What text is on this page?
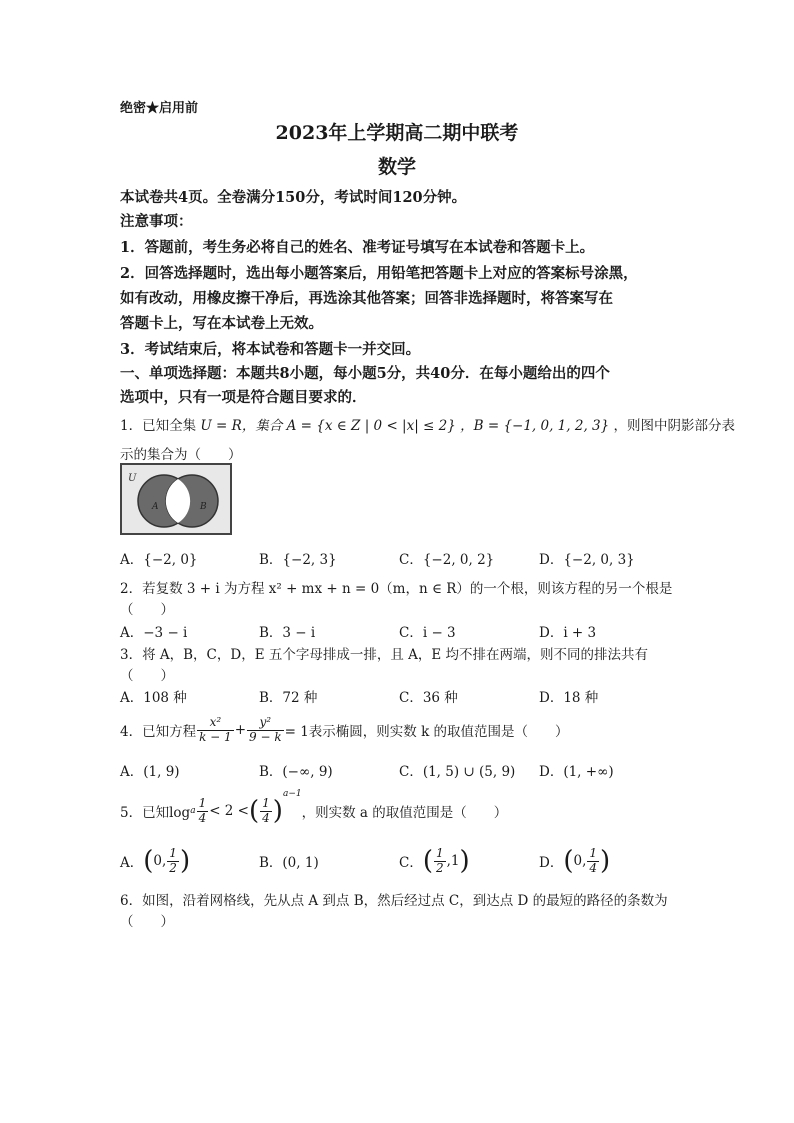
绝密★启用前
2023年上学期高二期中联考
数学
本试卷共4页。全卷满分150分，考试时间120分钟。
注意事项：
1．答题前，考生务必将自己的姓名、准考证号填写在本试卷和答题卡上。
2．回答选择题时，选出每小题答案后，用铅笔把答题卡上对应的答案标号涂黑，
如有改动，用橡皮擦干净后，再选涂其他答案；回答非选择题时，将答案写在
答题卡上，写在本试卷上无效。
3．考试结束后，将本试卷和答题卡一并交回。
一、单项选择题：本题共8小题，每小题5分，共40分．在每小题给出的四个
选项中，只有一项是符合题目要求的．
1．已知全集 U = R，集合 A = {x ∈ Z | 0 < |x| ≤ 2} ，B = {−1, 0, 1, 2, 3} ，则图中阴影部分表
示的集合为（　　）
U
A	B
A．{−2, 0}	B．{−2, 3}	C．{−2, 0, 2}	D．{−2, 0, 3}
2．若复数 3 + i 为方程 x² + mx + n = 0（m，n ∈ R）的一个根，则该方程的另一个根是
（　　）
A．−3 − i	B．3 − i	C．i − 3	D．i + 3
3．将 A，B，C，D，E 五个字母排成一排，且 A，E 均不排在两端，则不同的排法共有
（　　）
A．108 种	B．72 种	C．36 种	D．18 种
4．已知方程 $\frac{\text{x²}}{k - 1} + \frac{\text{y²}}{9 - k} = 1$表示椭圆，则实数 k 的取值范围是（　　）
A．(1, 9)	B．(−∞, 9)	C．(1, 5) ∪ (5, 9) D．(1, +∞)
5．已知log a $\frac{1}{4} < 2$ < ( $\frac{1}{4}$ )
a−1
，则实数 a 的取值范围是（　　）
A． ( 0, $\frac{1}{2}$ )	B．(0, 1)	C． ( $\frac{1}{2} ,1$ )	D． ( 0, $\frac{1}{4}$ )
6．如图，沿着网格线，先从点 A 到点 B，然后经过点 C，到达点 D 的最短的路径的条数为
（　　）
